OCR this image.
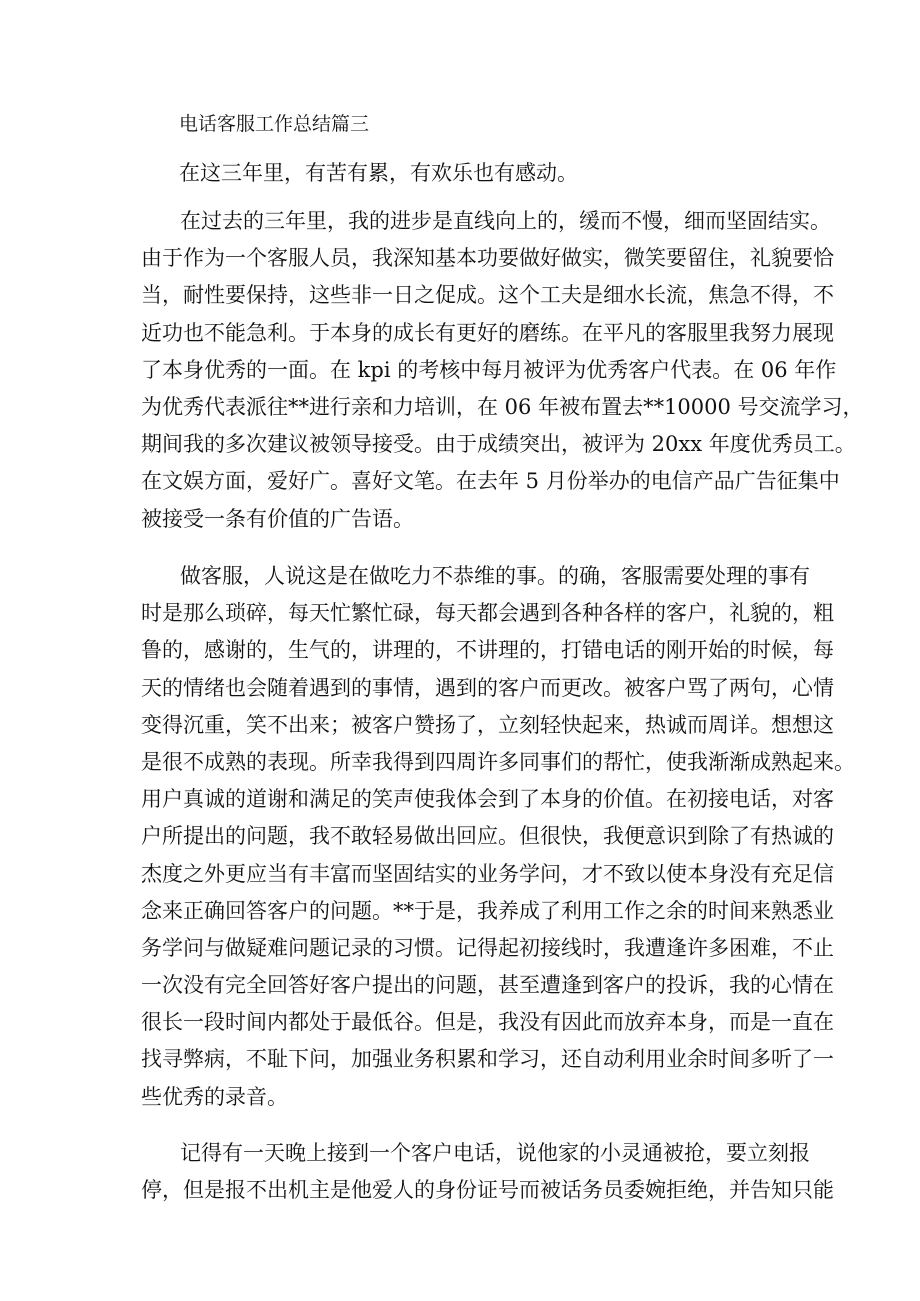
电话客服工作总结篇三
在这三年里，有苦有累，有欢乐也有感动。
在过去的三年里，我的进步是直线向上的，缓而不慢，细而坚固结实。
由于作为一个客服人员，我深知基本功要做好做实，微笑要留住，礼貌要恰
当，耐性要保持，这些非一日之促成。这个工夫是细水长流，焦急不得，不
近功也不能急利。于本身的成长有更好的磨练。在平凡的客服里我努力展现
了本身优秀的一面。在 kpi 的考核中每月被评为优秀客户代表。在 06 年作
为优秀代表派往**进行亲和力培训，在 06 年被布置去**10000 号交流学习，
期间我的多次建议被领导接受。由于成绩突出，被评为 20xx 年度优秀员工。
在文娱方面，爱好广。喜好文笔。在去年 5 月份举办的电信产品广告征集中
被接受一条有价值的广告语。
做客服，人说这是在做吃力不恭维的事。的确，客服需要处理的事有
时是那么琐碎，每天忙繁忙碌，每天都会遇到各种各样的客户，礼貌的，粗
鲁的，感谢的，生气的，讲理的，不讲理的，打错电话的刚开始的时候，每
天的情绪也会随着遇到的事情，遇到的客户而更改。被客户骂了两句，心情
变得沉重，笑不出来；被客户赞扬了，立刻轻快起来，热诚而周详。想想这
是很不成熟的表现。所幸我得到四周许多同事们的帮忙，使我渐渐成熟起来。
用户真诚的道谢和满足的笑声使我体会到了本身的价值。在初接电话，对客
户所提出的问题，我不敢轻易做出回应。但很快，我便意识到除了有热诚的
杰度之外更应当有丰富而坚固结实的业务学问，才不致以使本身没有充足信
念来正确回答客户的问题。**于是，我养成了利用工作之余的时间来熟悉业
务学问与做疑难问题记录的习惯。记得起初接线时，我遭逢许多困难，不止
一次没有完全回答好客户提出的问题，甚至遭逢到客户的投诉，我的心情在
很长一段时间内都处于最低谷。但是，我没有因此而放弃本身，而是一直在
找寻弊病，不耻下问，加强业务积累和学习，还自动利用业余时间多听了一
些优秀的录音。
记得有一天晚上接到一个客户电话，说他家的小灵通被抢，要立刻报
停，但是报不出机主是他爱人的身份证号而被话务员委婉拒绝，并告知只能
